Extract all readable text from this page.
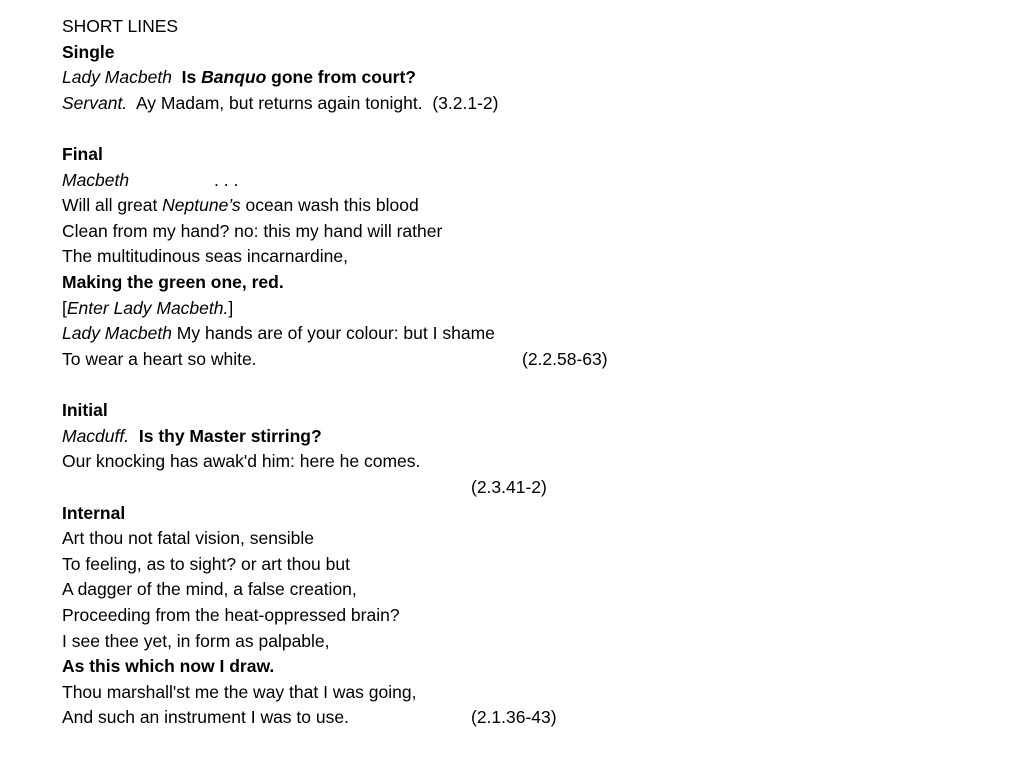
SHORT LINES
Single
Lady Macbeth Is Banquo gone from court?
Servant. Ay Madam, but returns again tonight. (3.2.1-2)
Final
Macbeth	. . .
Will all great Neptune’s ocean wash this blood
Clean from my hand? no: this my hand will rather
The multitudinous seas incarnardine,
Making the green one, red.
[Enter Lady Macbeth.]
Lady Macbeth My hands are of your colour: but I shame
To wear a heart so white.	(2.2.58-63)
Initial
Macduff. Is thy Master stirring?
Our knocking has awak'd him: here he comes.
(2.3.41-2)
Internal
Art thou not fatal vision, sensible
To feeling, as to sight? or art thou but
A dagger of the mind, a false creation,
Proceeding from the heat-oppressed brain?
I see thee yet, in form as palpable,
As this which now I draw.
Thou marshall'st me the way that I was going,
And such an instrument I was to use.	(2.1.36-43)
